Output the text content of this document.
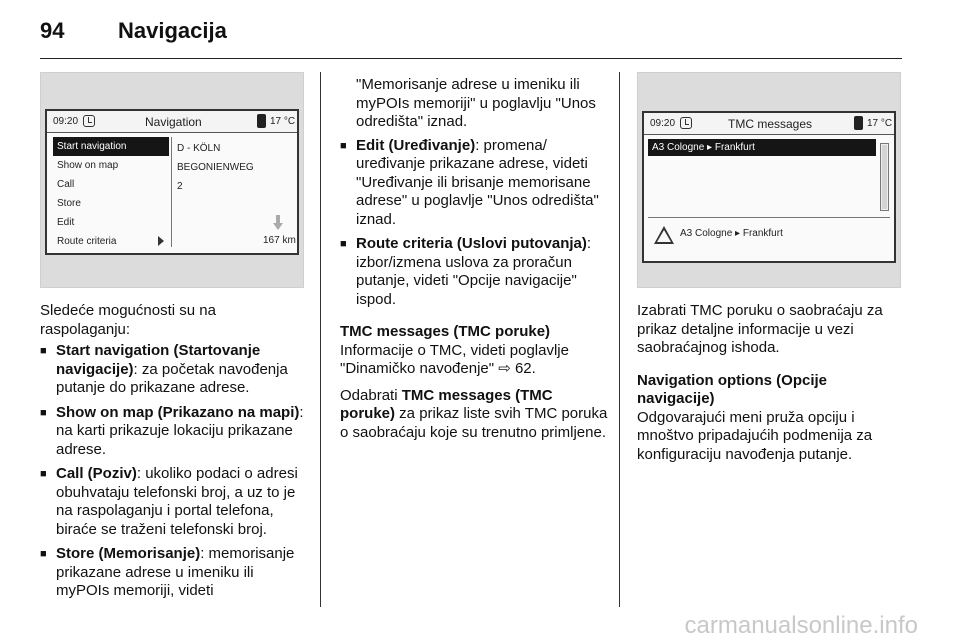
94 Navigacija
09:20	Navigation	17 °C
Start navigation
Show on map
Call
Store
Edit
Route criteria
D - KÖLN
BEGONIENWEG
2
167 km
09:20	TMC messages	17 °C
A3 Cologne ▸ Frankfurt
A3 Cologne ▸ Frankfurt

Sledeće mogućnosti su na raspolaganju:

■ Start navigation (Startovanje navigacije): za početak navođenja putanje do prikazane adrese.
■ Show on map (Prikazano na mapi): na karti prikazuje lokaciju prikazane adrese.
■ Call (Poziv): ukoliko podaci o adresi obuhvataju telefonski broj, a uz to je na raspolaganju i portal telefona, biraće se traženi telefonski broj.
■ Store (Memorisanje): memorisanje prikazane adrese u imeniku ili myPOIs memoriji, videti

"Memorisanje adrese u imeniku ili myPOIs memoriji" u poglavlju "Unos odredišta" iznad.

■ Edit (Uređivanje): promena/ uređivanje prikazane adrese, videti "Uređivanje ili brisanje memorisane adrese" u poglavlje "Unos odredišta" iznad.
■ Route criteria (Uslovi putovanja): izbor/izmena uslova za proračun putanje, videti "Opcije navigacije" ispod.
TMC messages (TMC poruke)

Informacije o TMC, videti poglavlje "Dinamičko navođenje" ⇨ 62.

Odabrati TMC messages (TMC poruke) za prikaz liste svih TMC poruka o saobraćaju koje su trenutno primljene.

Izabrati TMC poruku o saobraćaju za prikaz detaljne informacije u vezi saobraćajnog ishoda.

Navigation options (Opcije navigacije)

Odgovarajući meni pruža opciju i mnoštvo pripadajućih podmenija za konfiguraciju navođenja putanje.

carmanualsonline.info
